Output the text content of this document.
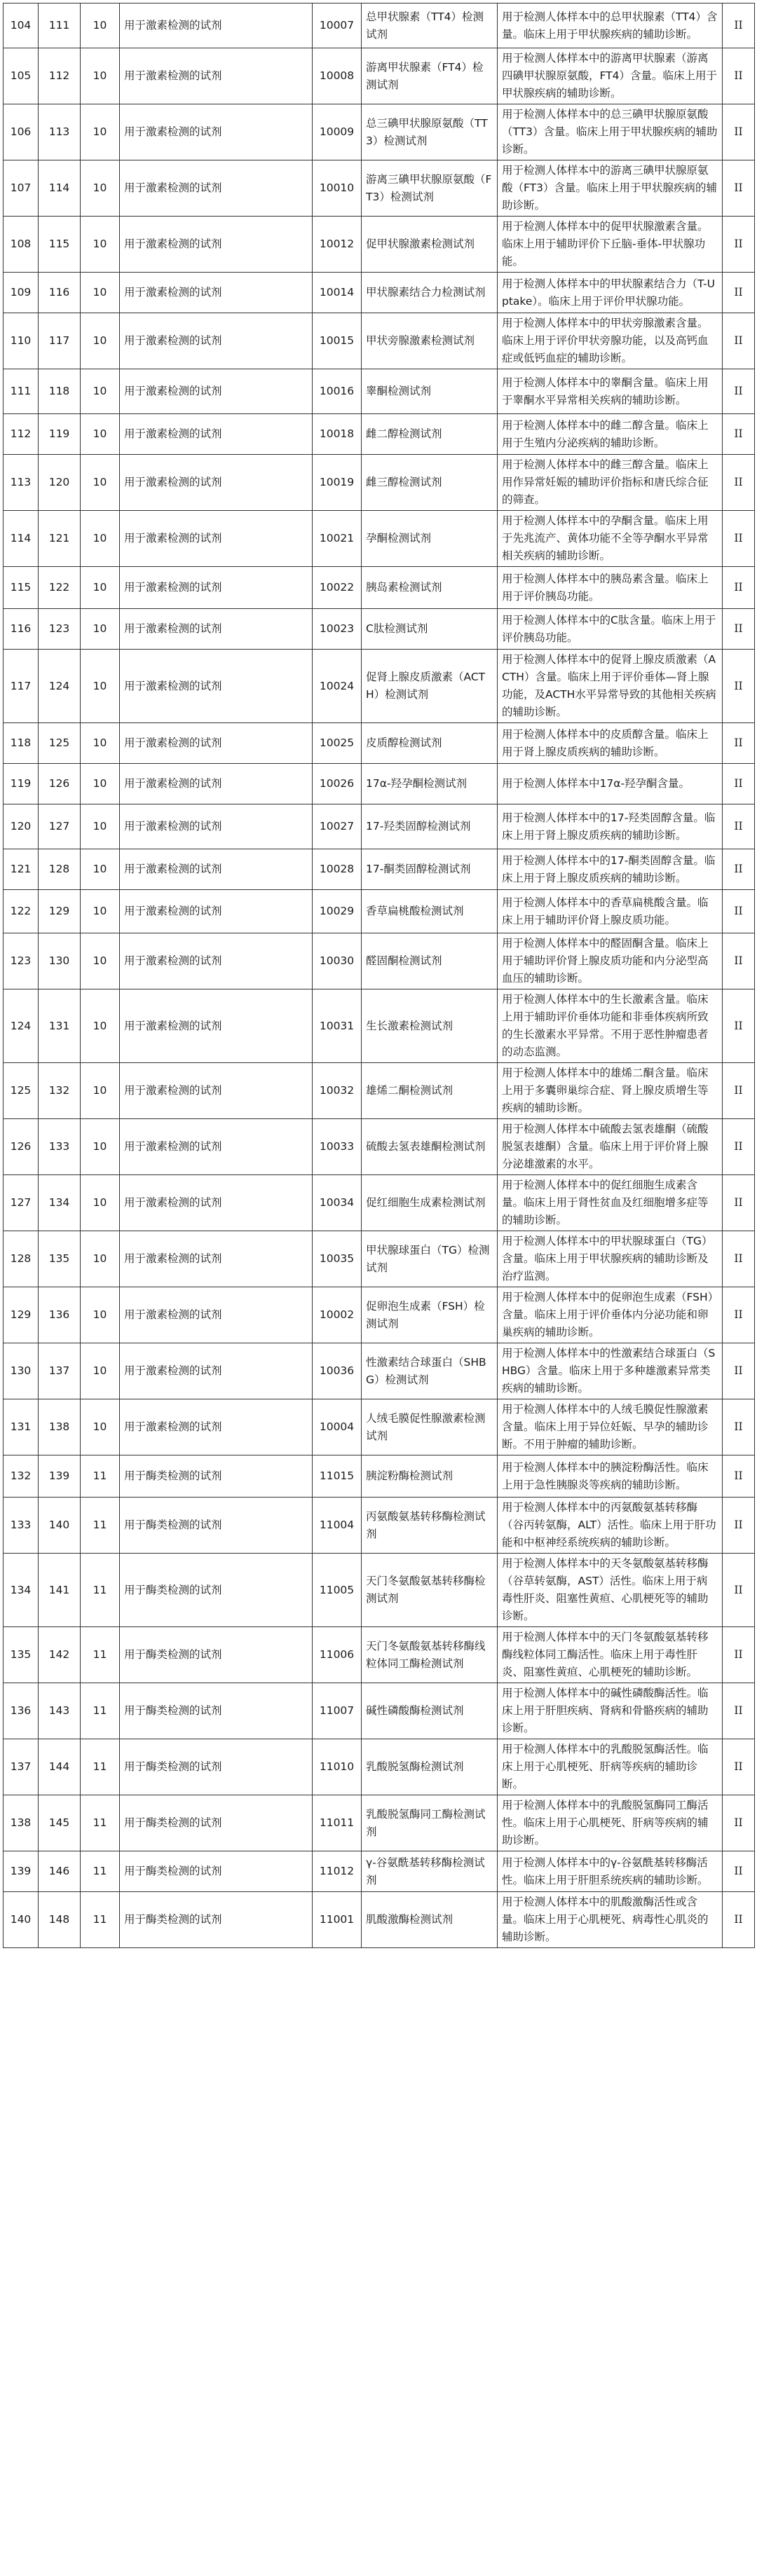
104	111	10	用于激素检测的试剂	10007	总甲状腺素（TT4）检测试剂	用于检测人体样本中的总甲状腺素（TT4）含量。临床上用于甲状腺疾病的辅助诊断。	II
105	112	10	用于激素检测的试剂	10008	游离甲状腺素（FT4）检测试剂	用于检测人体样本中的游离甲状腺素（游离四碘甲状腺原氨酸，FT4）含量。临床上用于甲状腺疾病的辅助诊断。	II
106	113	10	用于激素检测的试剂	10009	总三碘甲状腺原氨酸（TT3）检测试剂	用于检测人体样本中的总三碘甲状腺原氨酸（TT3）含量。临床上用于甲状腺疾病的辅助诊断。	II
107	114	10	用于激素检测的试剂	10010	游离三碘甲状腺原氨酸（FT3）检测试剂	用于检测人体样本中的游离三碘甲状腺原氨酸（FT3）含量。临床上用于甲状腺疾病的辅助诊断。	II
108	115	10	用于激素检测的试剂	10012	促甲状腺激素检测试剂	用于检测人体样本中的促甲状腺激素含量。临床上用于辅助评价下丘脑-垂体-甲状腺功能。	II
109	116	10	用于激素检测的试剂	10014	甲状腺素结合力检测试剂	用于检测人体样本中的甲状腺素结合力（T-Uptake）。临床上用于评价甲状腺功能。	II
110	117	10	用于激素检测的试剂	10015	甲状旁腺激素检测试剂	用于检测人体样本中的甲状旁腺激素含量。临床上用于评价甲状旁腺功能，以及高钙血症或低钙血症的辅助诊断。	II
111	118	10	用于激素检测的试剂	10016	睾酮检测试剂	用于检测人体样本中的睾酮含量。临床上用于睾酮水平异常相关疾病的辅助诊断。	II
112	119	10	用于激素检测的试剂	10018	雌二醇检测试剂	用于检测人体样本中的雌二醇含量。临床上用于生殖内分泌疾病的辅助诊断。	II
113	120	10	用于激素检测的试剂	10019	雌三醇检测试剂	用于检测人体样本中的雌三醇含量。临床上用作异常妊娠的辅助评价指标和唐氏综合征的筛查。	II
114	121	10	用于激素检测的试剂	10021	孕酮检测试剂	用于检测人体样本中的孕酮含量。临床上用于先兆流产、黄体功能不全等孕酮水平异常相关疾病的辅助诊断。	II
115	122	10	用于激素检测的试剂	10022	胰岛素检测试剂	用于检测人体样本中的胰岛素含量。临床上用于评价胰岛功能。	II
116	123	10	用于激素检测的试剂	10023	C肽检测试剂	用于检测人体样本中的C肽含量。临床上用于评价胰岛功能。	II
117	124	10	用于激素检测的试剂	10024	促肾上腺皮质激素（ACTH）检测试剂	用于检测人体样本中的促肾上腺皮质激素（ACTH）含量。临床上用于评价垂体—肾上腺功能，及ACTH水平异常导致的其他相关疾病的辅助诊断。	II
118	125	10	用于激素检测的试剂	10025	皮质醇检测试剂	用于检测人体样本中的皮质醇含量。临床上用于肾上腺皮质疾病的辅助诊断。	II
119	126	10	用于激素检测的试剂	10026	17α-羟孕酮检测试剂	用于检测人体样本中17α-羟孕酮含量。	II
120	127	10	用于激素检测的试剂	10027	17-羟类固醇检测试剂	用于检测人体样本中的17-羟类固醇含量。临床上用于肾上腺皮质疾病的辅助诊断。	II
121	128	10	用于激素检测的试剂	10028	17-酮类固醇检测试剂	用于检测人体样本中的17-酮类固醇含量。临床上用于肾上腺皮质疾病的辅助诊断。	II
122	129	10	用于激素检测的试剂	10029	香草扁桃酸检测试剂	用于检测人体样本中的香草扁桃酸含量。临床上用于辅助评价肾上腺皮质功能。	II
123	130	10	用于激素检测的试剂	10030	醛固酮检测试剂	用于检测人体样本中的醛固酮含量。临床上用于辅助评价肾上腺皮质功能和内分泌型高血压的辅助诊断。	II
124	131	10	用于激素检测的试剂	10031	生长激素检测试剂	用于检测人体样本中的生长激素含量。临床上用于辅助评价垂体功能和非垂体疾病所致的生长激素水平异常。不用于恶性肿瘤患者的动态监测。	II
125	132	10	用于激素检测的试剂	10032	雄烯二酮检测试剂	用于检测人体样本中的雄烯二酮含量。临床上用于多囊卵巢综合症、肾上腺皮质增生等疾病的辅助诊断。	II
126	133	10	用于激素检测的试剂	10033	硫酸去氢表雄酮检测试剂	用于检测人体样本中硫酸去氢表雄酮（硫酸脱氢表雄酮）含量。临床上用于评价肾上腺分泌雄激素的水平。	II
127	134	10	用于激素检测的试剂	10034	促红细胞生成素检测试剂	用于检测人体样本中的促红细胞生成素含量。临床上用于肾性贫血及红细胞增多症等的辅助诊断。	II
128	135	10	用于激素检测的试剂	10035	甲状腺球蛋白（TG）检测试剂	用于检测人体样本中的甲状腺球蛋白（TG）含量。临床上用于甲状腺疾病的辅助诊断及治疗监测。	II
129	136	10	用于激素检测的试剂	10002	促卵泡生成素（FSH）检测试剂	用于检测人体样本中的促卵泡生成素（FSH）含量。临床上用于评价垂体内分泌功能和卵巢疾病的辅助诊断。	II
130	137	10	用于激素检测的试剂	10036	性激素结合球蛋白（SHBG）检测试剂	用于检测人体样本中的性激素结合球蛋白（SHBG）含量。临床上用于多种雄激素异常类疾病的辅助诊断。	II
131	138	10	用于激素检测的试剂	10004	人绒毛膜促性腺激素检测试剂	用于检测人体样本中的人绒毛膜促性腺激素含量。临床上用于异位妊娠、早孕的辅助诊断。不用于肿瘤的辅助诊断。	II
132	139	11	用于酶类检测的试剂	11015	胰淀粉酶检测试剂	用于检测人体样本中的胰淀粉酶活性。临床上用于急性胰腺炎等疾病的辅助诊断。	II
133	140	11	用于酶类检测的试剂	11004	丙氨酸氨基转移酶检测试剂	用于检测人体样本中的丙氨酸氨基转移酶（谷丙转氨酶，ALT）活性。临床上用于肝功能和中枢神经系统疾病的辅助诊断。	II
134	141	11	用于酶类检测的试剂	11005	天门冬氨酸氨基转移酶检测试剂	用于检测人体样本中的天冬氨酸氨基转移酶（谷草转氨酶，AST）活性。临床上用于病毒性肝炎、阻塞性黄疸、心肌梗死等的辅助诊断。	II
135	142	11	用于酶类检测的试剂	11006	天门冬氨酸氨基转移酶线粒体同工酶检测试剂	用于检测人体样本中的天门冬氨酸氨基转移酶线粒体同工酶活性。临床上用于毒性肝炎、阻塞性黄疸、心肌梗死的辅助诊断。	II
136	143	11	用于酶类检测的试剂	11007	碱性磷酸酶检测试剂	用于检测人体样本中的碱性磷酸酶活性。临床上用于肝胆疾病、肾病和骨骼疾病的辅助诊断。	II
137	144	11	用于酶类检测的试剂	11010	乳酸脱氢酶检测试剂	用于检测人体样本中的乳酸脱氢酶活性。临床上用于心肌梗死、肝病等疾病的辅助诊断。	II
138	145	11	用于酶类检测的试剂	11011	乳酸脱氢酶同工酶检测试剂	用于检测人体样本中的乳酸脱氢酶同工酶活性。临床上用于心肌梗死、肝病等疾病的辅助诊断。	II
139	146	11	用于酶类检测的试剂	11012	γ-谷氨酰基转移酶检测试剂	用于检测人体样本中的γ-谷氨酰基转移酶活性。临床上用于肝胆系统疾病的辅助诊断。	II
140	148	11	用于酶类检测的试剂	11001	肌酸激酶检测试剂	用于检测人体样本中的肌酸激酶活性或含量。临床上用于心肌梗死、病毒性心肌炎的辅助诊断。	II
